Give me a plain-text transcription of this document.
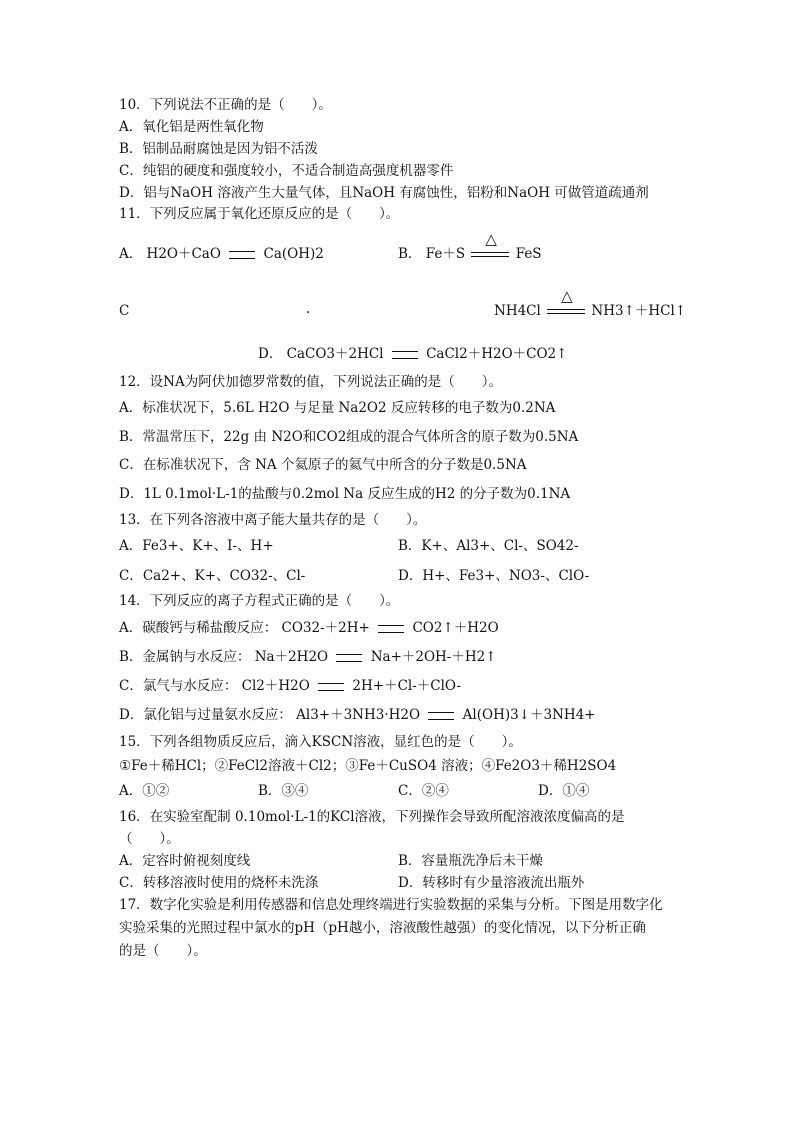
10．下列说法不正确的是（　　）。
A．氧化铝是两性氧化物
B．铝制品耐腐蚀是因为铝不活泼
C．纯铝的硬度和强度较小，不适合制造高强度机器零件
D．铝与NaOH 溶液产生大量气体，且NaOH 有腐蚀性，铝粉和NaOH 可做管道疏通剂
11．下列反应属于氧化还原反应的是（　　）。
A． H2O＋CaO	Ca(OH)2	B． Fe＋S
△
FeS
C	.	NH4Cl
△
NH3↑＋HCl↑
D． CaCO3＋2HCl	CaCl2＋H2O＋CO2↑
12．设NA为阿伏加德罗常数的值，下列说法正确的是（　　）。
A．标准状况下，5.6L H2O 与足量 Na2O2 反应转移的电子数为0.2NA
B．常温常压下，22g 由 N2O和CO2组成的混合气体所含的原子数为0.5NA
C．在标准状况下，含 NA 个氦原子的氦气中所含的分子数是0.5NA
D．1L 0.1mol·L-1的盐酸与0.2mol Na 反应生成的H2 的分子数为0.1NA
13．在下列各溶液中离子能大量共存的是（　　）。
A．Fe3+、K+、I-、H+	B．K+、Al3+、Cl-、SO42-
C．Ca2+、K+、CO32-、Cl-	D．H+、Fe3+、NO3-、ClO-
14．下列反应的离子方程式正确的是（　　）。
A．碳酸钙与稀盐酸反应： CO32-＋2H+	CO2↑＋H2O
B．金属钠与水反应： Na＋2H2O	Na+＋2OH-＋H2↑
C．氯气与水反应： Cl2＋H2O	2H+＋Cl-＋ClO-
D．氯化铝与过量氨水反应： Al3+＋3NH3·H2O	Al(OH)3↓＋3NH4+
15．下列各组物质反应后，滴入KSCN溶液，显红色的是（　　）。
①Fe＋稀HCl；②FeCl2溶液＋Cl2；③Fe＋CuSO4 溶液；④Fe2O3＋稀H2SO4
A．①②	B．③④	C．②④	D．①④
16．在实验室配制 0.10mol·L-1的KCl溶液，下列操作会导致所配溶液浓度偏高的是
（　　）。
A．定容时俯视刻度线	B．容量瓶洗净后未干燥
C．转移溶液时使用的烧杯未洗涤	D．转移时有少量溶液流出瓶外
17．数字化实验是利用传感器和信息处理终端进行实验数据的采集与分析。下图是用数字化
实验采集的光照过程中氯水的pH（pH越小，溶液酸性越强）的变化情况，以下分析正确
的是（　　）。
